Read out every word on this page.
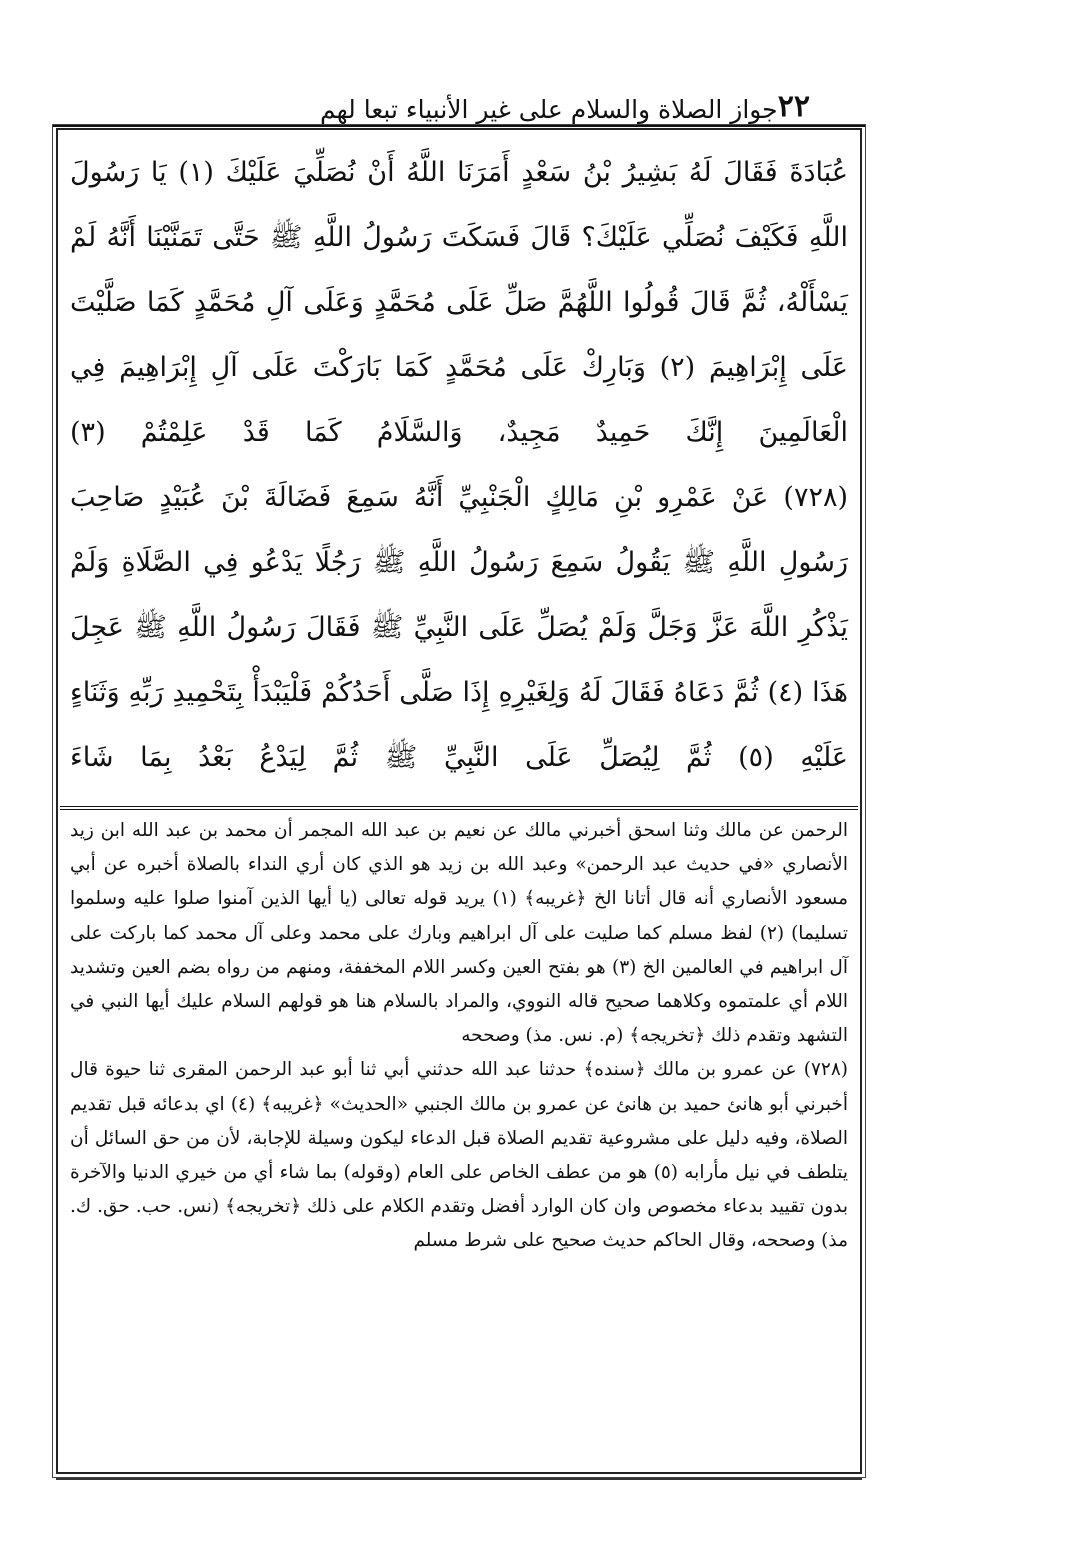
٢٢
جواز الصلاة والسلام على غير الأنبياء تبعا لهم

عُبَادَةَ فَقَالَ لَهُ بَشِيرُ بْنُ سَعْدٍ أَمَرَنَا اللَّهُ أَنْ نُصَلِّيَ عَلَيْكَ (١) يَا رَسُولَ اللَّهِ فَكَيْفَ نُصَلِّي عَلَيْكَ؟ قَالَ فَسَكَتَ رَسُولُ اللَّهِ ﷺ حَتَّى تَمَنَّيْنَا أَنَّهُ لَمْ يَسْأَلْهُ، ثُمَّ قَالَ قُولُوا اللَّهُمَّ صَلِّ عَلَى مُحَمَّدٍ وَعَلَى آلِ مُحَمَّدٍ كَمَا صَلَّيْتَ عَلَى إِبْرَاهِيمَ (٢) وَبَارِكْ عَلَى مُحَمَّدٍ كَمَا بَارَكْتَ عَلَى آلِ إِبْرَاهِيمَ فِي الْعَالَمِينَ إِنَّكَ حَمِيدٌ مَجِيدٌ، وَالسَّلَامُ كَمَا قَدْ عَلِمْتُمْ (٣)

(٧٢٨) عَنْ عَمْرِو بْنِ مَالِكٍ الْجَنْبِيِّ أَنَّهُ سَمِعَ فَضَالَةَ بْنَ عُبَيْدٍ صَاحِبَ رَسُولِ اللَّهِ ﷺ يَقُولُ سَمِعَ رَسُولُ اللَّهِ ﷺ رَجُلًا يَدْعُو فِي الصَّلَاةِ وَلَمْ يَذْكُرِ اللَّهَ عَزَّ وَجَلَّ وَلَمْ يُصَلِّ عَلَى النَّبِيِّ ﷺ فَقَالَ رَسُولُ اللَّهِ ﷺ عَجِلَ هَذَا (٤) ثُمَّ دَعَاهُ فَقَالَ لَهُ وَلِغَيْرِهِ إِذَا صَلَّى أَحَدُكُمْ فَلْيَبْدَأْ بِتَحْمِيدِ رَبِّهِ وَثَنَاءٍ عَلَيْهِ (٥) ثُمَّ لِيُصَلِّ عَلَى النَّبِيِّ ﷺ ثُمَّ لِيَدْعُ بَعْدُ بِمَا شَاءَ

الرحمن عن مالك وثنا اسحق أخبرني مالك عن نعيم بن عبد الله المجمر أن محمد بن عبد الله ابن زيد الأنصاري «في حديث عبد الرحمن» وعبد الله بن زيد هو الذي كان أري النداء بالصلاة أخبره عن أبي مسعود الأنصاري أنه قال أتانا الخ ﴿غريبه﴾ (١) يريد قوله تعالى (يا أيها الذين آمنوا صلوا عليه وسلموا تسليما) (٢) لفظ مسلم كما صليت على آل ابراهيم وبارك على محمد وعلى آل محمد كما باركت على آل ابراهيم في العالمين الخ (٣) هو بفتح العين وكسر اللام المخففة، ومنهم من رواه بضم العين وتشديد اللام أي علمتموه وكلاهما صحيح قاله النووي، والمراد بالسلام هنا هو قولهم السلام عليك أيها النبي في التشهد وتقدم ذلك ﴿تخريجه﴾ (م. نس. مذ) وصححه

(٧٢٨) عن عمرو بن مالك ﴿سنده﴾ حدثنا عبد الله حدثني أبي ثنا أبو عبد الرحمن المقرى ثنا حيوة قال أخبرني أبو هانئ حميد بن هانئ عن عمرو بن مالك الجنبي «الحديث» ﴿غريبه﴾ (٤) اي بدعائه قبل تقديم الصلاة، وفيه دليل على مشروعية تقديم الصلاة قبل الدعاء ليكون وسيلة للإجابة، لأن من حق السائل أن يتلطف في نيل مأرابه (٥) هو من عطف الخاص على العام (وقوله) بما شاء أي من خيري الدنيا والآخرة بدون تقييد بدعاء مخصوص وان كان الوارد أفضل وتقدم الكلام على ذلك ﴿تخريجه﴾ (نس. حب. حق. ك. مذ) وصححه، وقال الحاكم حديث صحيح على شرط مسلم
